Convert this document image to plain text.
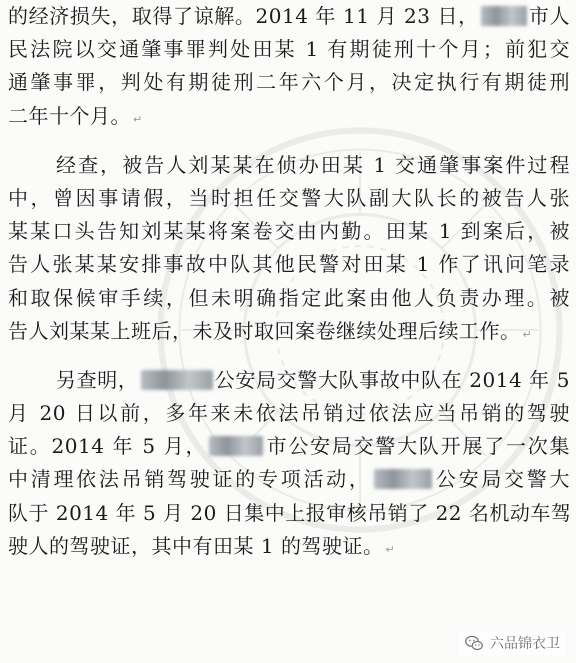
的经济损失，取得了谅解。2014 年 11 月 23 日，	市人
民法院以交通肇事罪判处田某 1 有期徒刑十个月；前犯交
通肇事罪，判处有期徒刑二年六个月，决定执行有期徒刑
二年十个月。 ↵
经查，被告人刘某某在侦办田某 1 交通肇事案件过程
中，曾因事请假，当时担任交警大队副大队长的被告人张
某某口头告知刘某某将案卷交由内勤。田某 1 到案后，被
告人张某某安排事故中队其他民警对田某 1 作了讯问笔录
和取保候审手续，但未明确指定此案由他人负责办理。被
告人刘某某上班后，未及时取回案卷继续处理后续工作。 ↵
另查明，	公安局交警大队事故中队在 2014 年 5
月 20 日以前，多年来未依法吊销过依法应当吊销的驾驶
证。2014 年 5 月，	市公安局交警大队开展了一次集
中清理依法吊销驾驶证的专项活动，	公安局交警大
队于 2014 年 5 月 20 日集中上报审核吊销了 22 名机动车驾
驶人的驾驶证，其中有田某 1 的驾驶证。 ↵
六品锦衣卫
